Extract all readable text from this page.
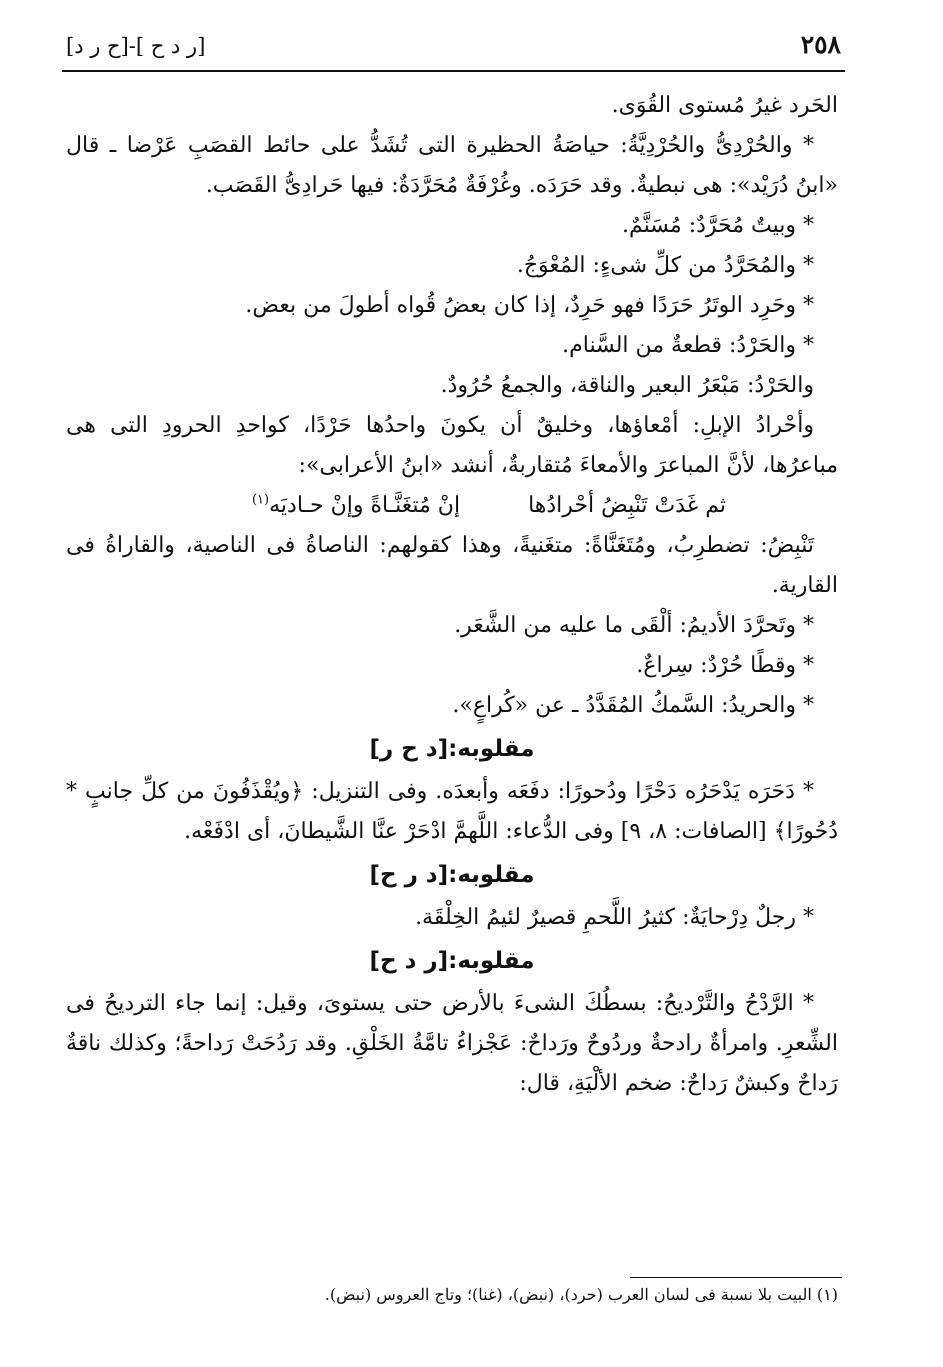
[ح ر د]-[ ر د ح]	٢٥٨

الحَرد غيرُ مُستوى القُوَى.

* والحُرْدِىُّ والحُرْدِيَّةُ: حياصَةُ الحظيرة التى تُشَدُّ على حائط القصَبِ عَرْضا ـ قال «ابنُ دُرَيْد»: هى نبطيةٌ. وقد حَرَدَه. وغُرْفَةٌ مُحَرَّدَةٌ: فيها حَرادِىُّ القَصَب.

* وبيتٌ مُحَرَّدٌ: مُسَنَّمٌ.

* والمُحَرَّدُ من كلِّ شىءٍ: المُعْوَجُ.

* وحَرِد الوتَرُ حَرَدًا فهو حَرِدٌ، إذا كان بعضُ قُواه أطولَ من بعض.

* والحَرْدُ: قطعةٌ من السَّنام.

والحَرْدُ: مَبْعَرُ البعير والناقة، والجمعُ حُرُودٌ.

وأحْرادُ الإبلِ: أمْعاؤها، وخليقٌ أن يكونَ واحدُها حَرْدًا، كواحدِ الحرودِ التى هى مباعرُها، لأنَّ المباعرَ والأمعاءَ مُتقاربةٌ، أنشد «ابنُ الأعرابى»:

ثم غَدَتْ تَنْبِضُ أحْرادُها
إنْ مُتغَنَّـاةً وإنْ حـاديَه$^{(١)}$

تَنْبِضُ: تضطرِبُ، ومُتَغَنَّاةً: متغَنيةً، وهذا كقولهم: الناصاةُ فى الناصية، والقاراةُ فى القارية.

* وتَحرَّدَ الأديمُ: ألْقَى ما عليه من الشَّعَر.

* وقطًا حُرْدٌ: سِراعٌ.

* والحريدُ: السَّمكُ المُقَدَّدُ ـ عن «كُراعٍ».

مقلوبه:[د ح ر]

* دَحَرَه يَدْحَرُه دَحْرًا ودُحورًا: دفَعَه وأبعدَه. وفى التنزيل: ﴿ويُقْذَفُونَ من كلِّ جانبٍ * دُحُورًا﴾ [الصافات: ٨، ٩] وفى الدُّعاء: اللَّهمَّ ادْحَرْ عنَّا الشَّيطانَ، أى ادْفَعْه.

مقلوبه:[د ر ح]

* رجلٌ دِرْحايَةٌ: كثيرُ اللَّحمِ قصيرٌ لئيمُ الخِلْقَة.

مقلوبه:[ر د ح]

* الرَّدْحُ والتَّرْديحُ: بسطُكَ الشىءَ بالأرض حتى يستوىَ، وقيل: إنما جاء الترديحُ فى الشِّعرِ. وامرأةٌ رادحةٌ وردُوحٌ ورَداحٌ: عَجْزاءُ تامَّةُ الخَلْقِ. وقد رَدُحَتْ رَداحةً؛ وكذلك ناقةٌ رَداحٌ وكبشٌ رَداحٌ: ضخم الألْيَةِ، قال:

(١) البيت بلا نسبة فى لسان العرب (حرد)، (نبض)، (غنا)؛ وتاج العروس (نبض).
